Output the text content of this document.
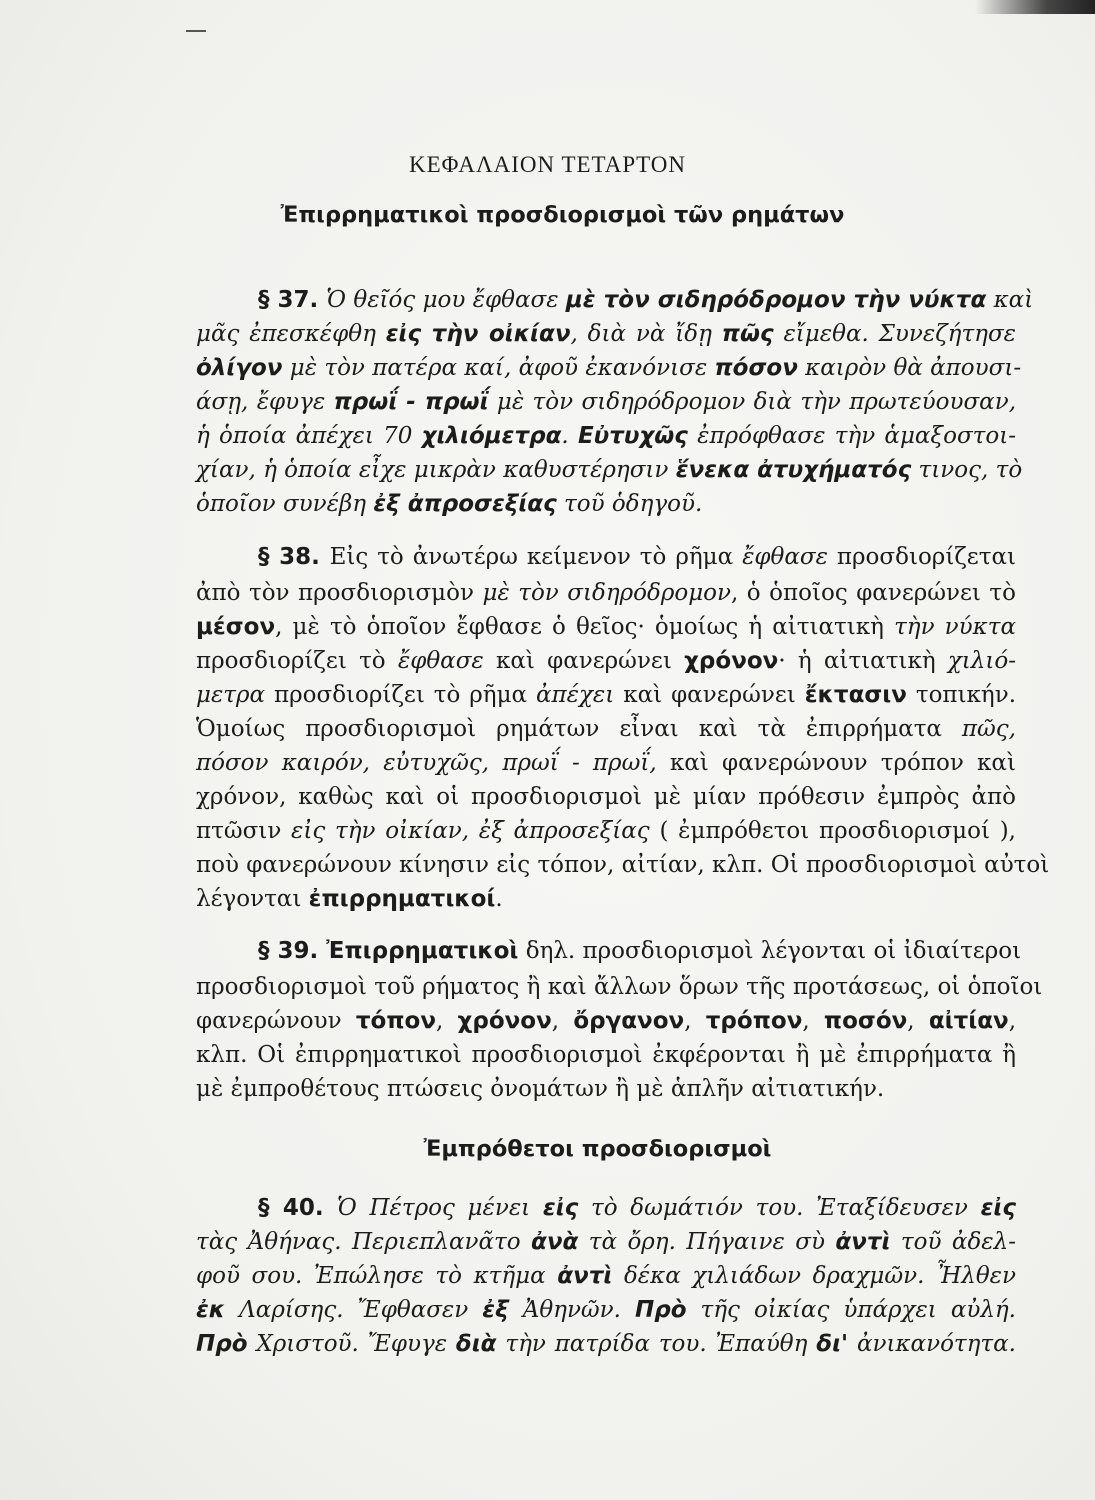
ΚΕΦΑΛΑΙΟΝ ΤΕΤΑΡΤΟΝ
Ἐπιρρηματικοὶ προσδιορισμοὶ τῶν ρημάτων
§ 37. Ὁ θεῖός μου ἔφθασε μὲ τὸν σιδηρόδρομον τὴν νύκτα καὶ
μᾶς ἐπεσκέφθη εἰς τὴν οἰκίαν, διὰ νὰ ἴδῃ πῶς εἴμεθα. Συνεζήτησε
ὀλίγον μὲ τὸν πατέρα καί, ἀφοῦ ἐκανόνισε πόσον καιρὸν θὰ ἀπουσι-
άσῃ, ἔφυγε πρωΐ - πρωΐ μὲ τὸν σιδηρόδρομον διὰ τὴν πρωτεύουσαν,
ἡ ὁποία ἀπέχει 70 χιλιόμετρα. Εὐτυχῶς ἐπρόφθασε τὴν ἁμαξοστοι-
χίαν, ἡ ὁποία εἶχε μικρὰν καθυστέρησιν ἕνεκα ἀτυχήματός τινος, τὸ
ὁποῖον συνέβη ἐξ ἀπροσεξίας τοῦ ὁδηγοῦ.
§ 38. Εἰς τὸ ἀνωτέρω κείμενον τὸ ρῆμα ἔφθασε προσδιορίζεται
ἀπὸ τὸν προσδιορισμὸν μὲ τὸν σιδηρόδρομον, ὁ ὁποῖος φανερώνει τὸ
μέσον, μὲ τὸ ὁποῖον ἔφθασε ὁ θεῖος· ὁμοίως ἡ αἰτιατικὴ τὴν νύκτα
προσδιορίζει τὸ ἔφθασε καὶ φανερώνει χρόνον· ἡ αἰτιατικὴ χιλιό-
μετρα προσδιορίζει τὸ ρῆμα ἀπέχει καὶ φανερώνει ἔκτασιν τοπικήν.
Ὁμοίως προσδιορισμοὶ ρημάτων εἶναι καὶ τὰ ἐπιρρήματα πῶς,
πόσον καιρόν, εὐτυχῶς, πρωΐ - πρωΐ, καὶ φανερώνουν τρόπον καὶ
χρόνον, καθὼς καὶ οἱ προσδιορισμοὶ μὲ μίαν πρόθεσιν ἐμπρὸς ἀπὸ
πτῶσιν εἰς τὴν οἰκίαν, ἐξ ἀπροσεξίας ( ἐμπρόθετοι προσδιορισμοί ),
ποὺ φανερώνουν κίνησιν εἰς τόπον, αἰτίαν, κλπ. Οἱ προσδιορισμοὶ αὐτοὶ
λέγονται ἐπιρρηματικοί.
§ 39. Ἐπιρρηματικοὶ δηλ. προσδιορισμοὶ λέγονται οἱ ἰδιαίτεροι
προσδιορισμοὶ τοῦ ρήματος ἢ καὶ ἄλλων ὅρων τῆς προτάσεως, οἱ ὁποῖοι
φανερώνουν τόπον, χρόνον, ὄργανον, τρόπον, ποσόν, αἰτίαν,
κλπ. Οἱ ἐπιρρηματικοὶ προσδιορισμοὶ ἐκφέρονται ἢ μὲ ἐπιρρήματα ἢ
μὲ ἐμπροθέτους πτώσεις ὀνομάτων ἢ μὲ ἁπλῆν αἰτιατικήν.
Ἐμπρόθετοι προσδιορισμοὶ
§ 40. Ὁ Πέτρος μένει εἰς τὸ δωμάτιόν του. Ἐταξίδευσεν εἰς
τὰς Ἀθήνας. Περιεπλανᾶτο ἀνὰ τὰ ὄρη. Πήγαινε σὺ ἀντὶ τοῦ ἀδελ-
φοῦ σου. Ἐπώλησε τὸ κτῆμα ἀντὶ δέκα χιλιάδων δραχμῶν. Ἦλθεν
ἐκ Λαρίσης. Ἔφθασεν ἐξ Ἀθηνῶν. Πρὸ τῆς οἰκίας ὑπάρχει αὐλή.
Πρὸ Χριστοῦ. Ἔφυγε διὰ τὴν πατρίδα του. Ἐπαύθη δι' ἀνικανότητα.
